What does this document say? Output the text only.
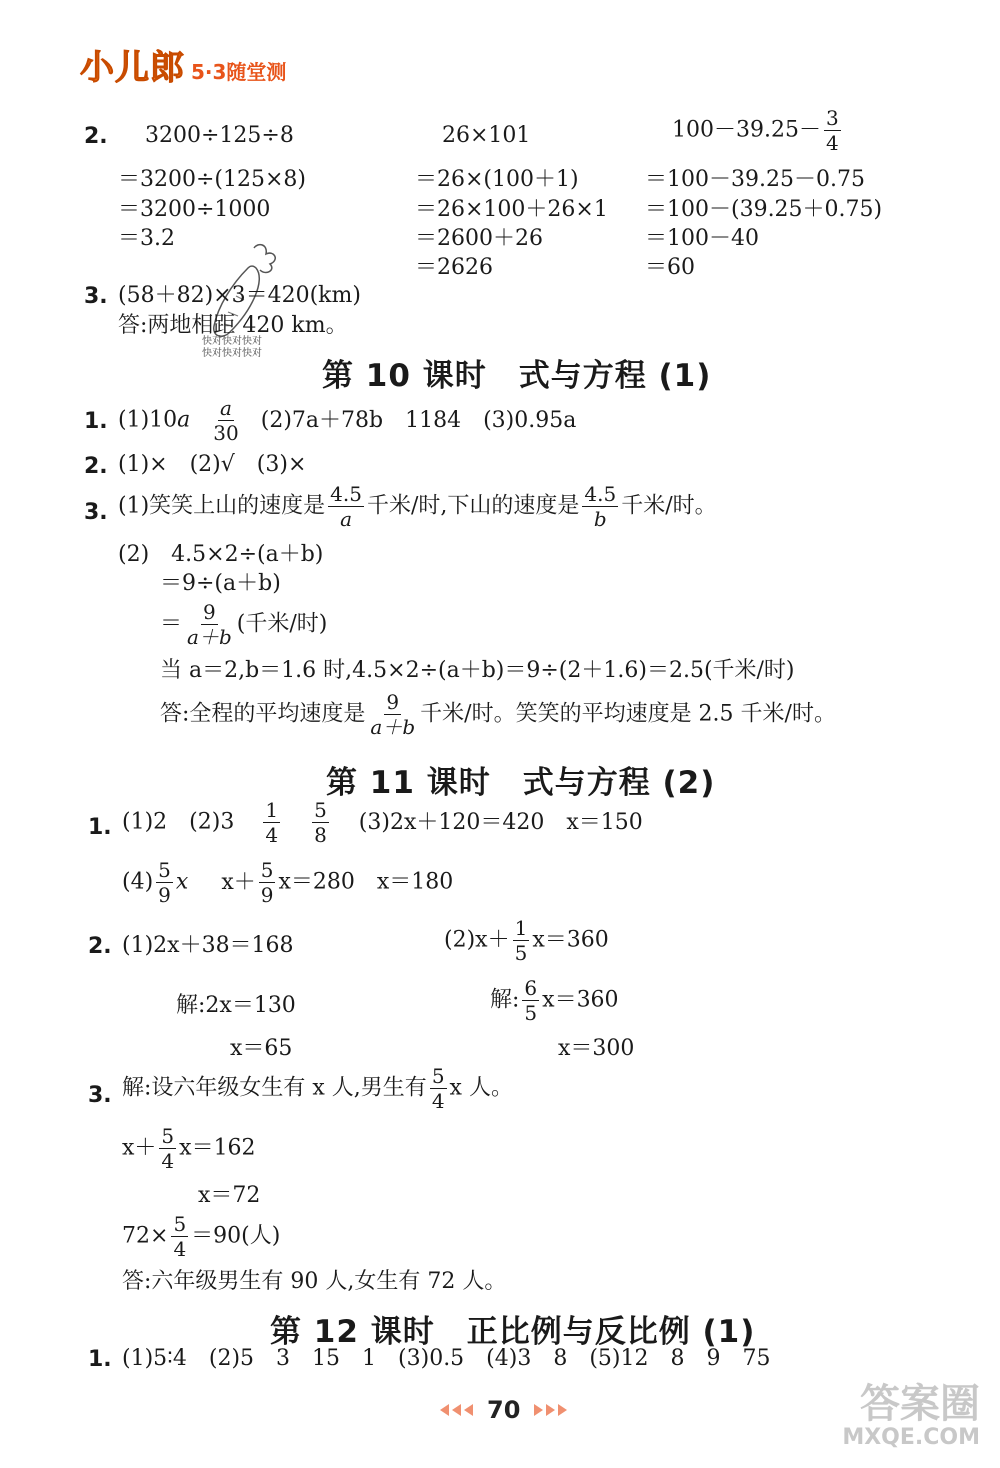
小儿郎 5·3随堂测
2. 3200÷125÷8
＝3200÷(125×8)
＝3200÷1000
＝3.2
26×101
＝26×(100＋1)
＝26×100＋26×1
＝2600＋26
＝2626
$100-39.25- \frac{3}{4}$
＝100－39.25－0.75
＝100－(39.25＋0.75)
＝100－40
＝60
快对快对快对
快对快对快对
3. (58＋82)×3＝420(km)
答:两地相距 420 km。
第 10 课时　式与方程 (1)
1. $(1)10a \frac{a}{30} (2)7a+78b$　1184　(3)0.95a
2. (1)×　(2)√　(3)×
3. (1)笑笑上山的速度是 $\frac{4.5}{a}$ 千米/时,下山的速度是 $\frac{4.5}{b}$ 千米/时。
(2)　4.5×2÷(a＋b)
＝9÷(a＋b)
＝ $\frac{9}{a+b}$ (千米/时)
当 a＝2,b＝1.6 时,4.5×2÷(a＋b)＝9÷(2＋1.6)＝2.5(千米/时)
答:全程的平均速度是 $\frac{9}{a+b}$ 千米/时。笑笑的平均速度是 2.5 千米/时。
第 11 课时　式与方程 (2)
1. (1)2　$(2)3 \frac{1}{4}$
$\frac{5}{8} (3)2x+120=420$　x＝150
$(4) \frac{5}{9}$ x $x+ \frac{5}{9} x=280$　x＝180
2. (1)2x＋38＝168
解:2x＝130
x＝65
$(2)x+ \frac{1}{5} x=360$
解: $\frac{6}{5} x=360$
x＝300
3. 解:设六年级女生有 x 人,男生有 $\frac{5}{4}$ x 人。
$x+ \frac{5}{4} x=162$
x＝72
$72\times \frac{5}{4} =90$(人)
答:六年级男生有 90 人,女生有 72 人。
第 12 课时　正比例与反比例 (1)
1. (1)5∶4　(2)5　3　15　1　(3)0.5　(4)3　8　(5)12　8　9　75
70	答案圈
MXQE.COM
